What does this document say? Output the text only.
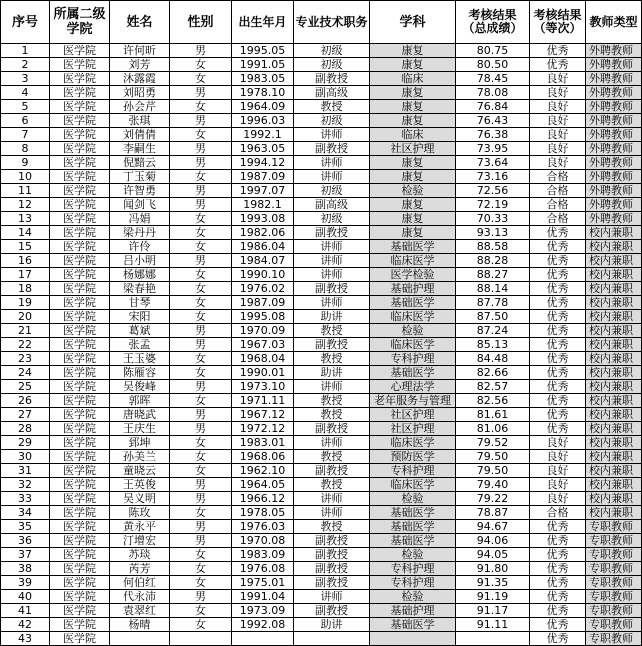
序号	所属二级学院	姓名	性别	出生年月	专业技术职务	学科	考核结果（总成绩）	考核结果（等次）	教师类型
1	医学院	许何昕	男	1995.05	初级	康复	80.75	优秀	外聘教师
2	医学院	刘芳	女	1991.05	初级	康复	80.50	优秀	外聘教师
3	医学院	沐露霞	女	1983.05	副教授	临床	78.45	良好	外聘教师
4	医学院	刘昭勇	男	1978.10	副高级	康复	78.08	良好	外聘教师
5	医学院	孙会芹	女	1964.09	教授	康复	76.84	良好	外聘教师
6	医学院	张琪	男	1996.03	初级	康复	76.43	良好	外聘教师
7	医学院	刘倩倩	女	1992.1	讲师	临床	76.38	良好	外聘教师
8	医学院	李嗣生	男	1963.05	副教授	社区护理	73.95	良好	外聘教师
9	医学院	倪黯云	男	1994.12	讲师	康复	73.64	良好	外聘教师
10	医学院	丁玉菊	女	1987.09	讲师	康复	73.16	合格	外聘教师
11	医学院	许智勇	男	1997.07	初级	检验	72.56	合格	外聘教师
12	医学院	闻剑飞	男	1982.1	副高级	康复	72.19	合格	外聘教师
13	医学院	冯娟	女	1993.08	初级	康复	70.33	合格	外聘教师
14	医学院	梁丹丹	女	1982.06	副教授	康复	93.13	优秀	校内兼职
15	医学院	许伶	女	1986.04	讲师	基础医学	88.58	优秀	校内兼职
16	医学院	吕小明	男	1984.07	讲师	临床医学	88.28	优秀	校内兼职
17	医学院	杨娜娜	女	1990.10	讲师	医学检验	88.27	优秀	校内兼职
18	医学院	梁春艳	女	1976.02	副教授	基础护理	88.14	优秀	校内兼职
19	医学院	甘琴	女	1987.09	讲师	基础医学	87.78	优秀	校内兼职
20	医学院	宋阳	女	1995.08	助讲	临床医学	87.50	优秀	校内兼职
21	医学院	葛斌	男	1970.09	教授	检验	87.24	优秀	校内兼职
22	医学院	张孟	男	1967.03	副教授	临床医学	85.13	优秀	校内兼职
23	医学院	王玉婆	女	1968.04	教授	专科护理	84.48	优秀	校内兼职
24	医学院	陈雁容	女	1990.01	助讲	基础医学	82.66	优秀	校内兼职
25	医学院	吴俊峰	男	1973.10	讲师	心理法学	82.57	优秀	校内兼职
26	医学院	郭晖	女	1971.11	教授	老年服务与管理	82.56	优秀	校内兼职
27	医学院	唐晓武	男	1967.12	教授	社区护理	81.61	优秀	校内兼职
28	医学院	王庆生	男	1972.12	副教授	社区护理	81.06	优秀	校内兼职
29	医学院	郅坤	女	1983.01	讲师	临床医学	79.52	良好	校内兼职
30	医学院	孙美兰	女	1968.06	教授	预防医学	79.50	良好	校内兼职
31	医学院	童晓云	女	1962.10	副教授	专科护理	79.50	良好	校内兼职
32	医学院	王英俊	男	1964.05	教授	临床医学	79.40	良好	校内兼职
33	医学院	吴义明	男	1966.12	讲师	检验	79.22	良好	校内兼职
34	医学院	陈玫	女	1978.05	讲师	基础医学	78.87	合格	校内兼职
35	医学院	黄永平	男	1976.03	教授	基础医学	94.67	优秀	专职教师
36	医学院	汀增宏	男	1970.08	副教授	基础医学	94.06	优秀	专职教师
37	医学院	苏琰	女	1983.09	副教授	检验	94.05	优秀	专职教师
38	医学院	芮芳	女	1976.08	副教授	专科护理	91.80	优秀	专职教师
39	医学院	何伯红	女	1975.01	副教授	专科护理	91.35	优秀	专职教师
40	医学院	代永沛	男	1991.04	讲师	检验	91.19	优秀	专职教师
41	医学院	袁翠红	女	1973.09	副教授	基础护理	91.17	优秀	专职教师
42	医学院	杨晴	女	1992.08	助讲	基础医学	91.11	优秀	专职教师
43	医学院							优秀	专职教师
